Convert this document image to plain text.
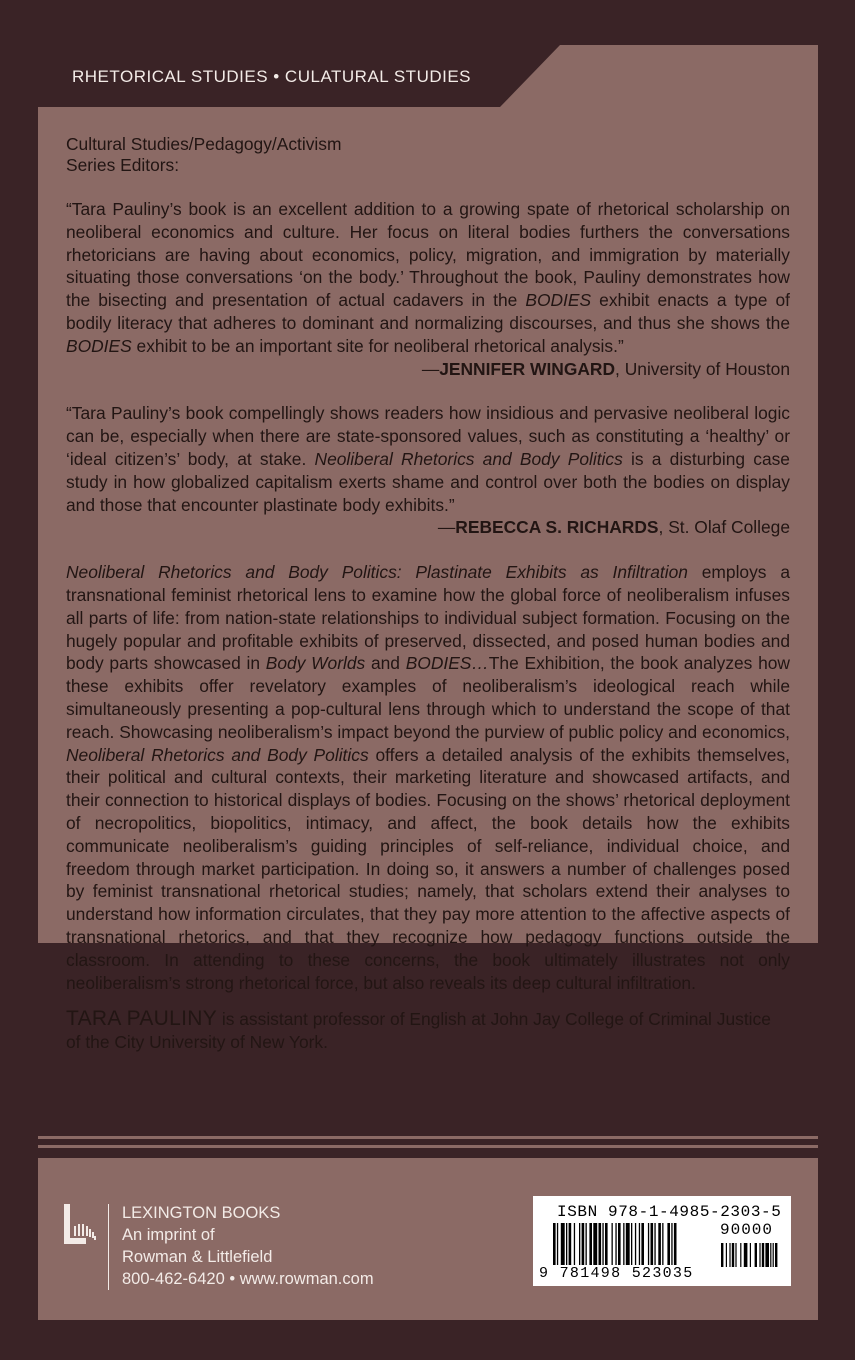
RHETORICAL STUDIES • CULATURAL STUDIES
Cultural Studies/Pedagogy/Activism
Series Editors:

“Tara Pauliny’s book is an excellent addition to a growing spate of rhetorical scholarship on neoliberal economics and culture. Her focus on literal bodies furthers the conversations rhetoricians are having about economics, policy, migration, and immigration by materially situating those conversations ‘on the body.’ Throughout the book, Pauliny demonstrates how the bisecting and presentation of actual cadavers in the BODIES exhibit enacts a type of bodily literacy that adheres to dominant and normalizing discourses, and thus she shows the BODIES exhibit to be an important site for neoliberal rhetorical analysis.”

—JENNIFER WINGARD, University of Houston

“Tara Pauliny’s book compellingly shows readers how insidious and pervasive neoliberal logic can be, especially when there are state-sponsored values, such as constituting a ‘healthy’ or ‘ideal citizen’s’ body, at stake. Neoliberal Rhetorics and Body Politics is a disturbing case study in how globalized capitalism exerts shame and control over both the bodies on display and those that encounter plastinate body exhibits.”

—REBECCA S. RICHARDS, St. Olaf College

Neoliberal Rhetorics and Body Politics: Plastinate Exhibits as Infiltration employs a transnational feminist rhetorical lens to examine how the global force of neoliberalism infuses all parts of life: from nation-state relationships to individual subject formation. Focusing on the hugely popular and profitable exhibits of preserved, dissected, and posed human bodies and body parts showcased in Body Worlds and BODIES…The Exhibition, the book analyzes how these exhibits offer revelatory examples of neoliberalism’s ideological reach while simultaneously presenting a pop-cultural lens through which to understand the scope of that reach. Showcasing neoliberalism’s impact beyond the purview of public policy and economics, Neoliberal Rhetorics and Body Politics offers a detailed analysis of the exhibits themselves, their political and cultural contexts, their marketing literature and showcased artifacts, and their connection to historical displays of bodies. Focusing on the shows’ rhetorical deployment of necropolitics, biopolitics, intimacy, and affect, the book details how the exhibits communicate neoliberalism’s guiding principles of self-reliance, individual choice, and freedom through market participation. In doing so, it answers a number of challenges posed by feminist transnational rhetorical studies; namely, that scholars extend their analyses to understand how information circulates, that they pay more attention to the affective aspects of transnational rhetorics, and that they recognize how pedagogy functions outside the classroom. In attending to these concerns, the book ultimately illustrates not only neoliberalism’s strong rhetorical force, but also reveals its deep cultural infiltration.

TARA PAULINY is assistant professor of English at John Jay College of Criminal Justice of the City University of New York.

LEXINGTON BOOKS
An imprint of
Rowman & Littlefield
800-462-6420 • www.rowman.com
ISBN 978-1-4985-2303-5
90000
9 781498 523035
